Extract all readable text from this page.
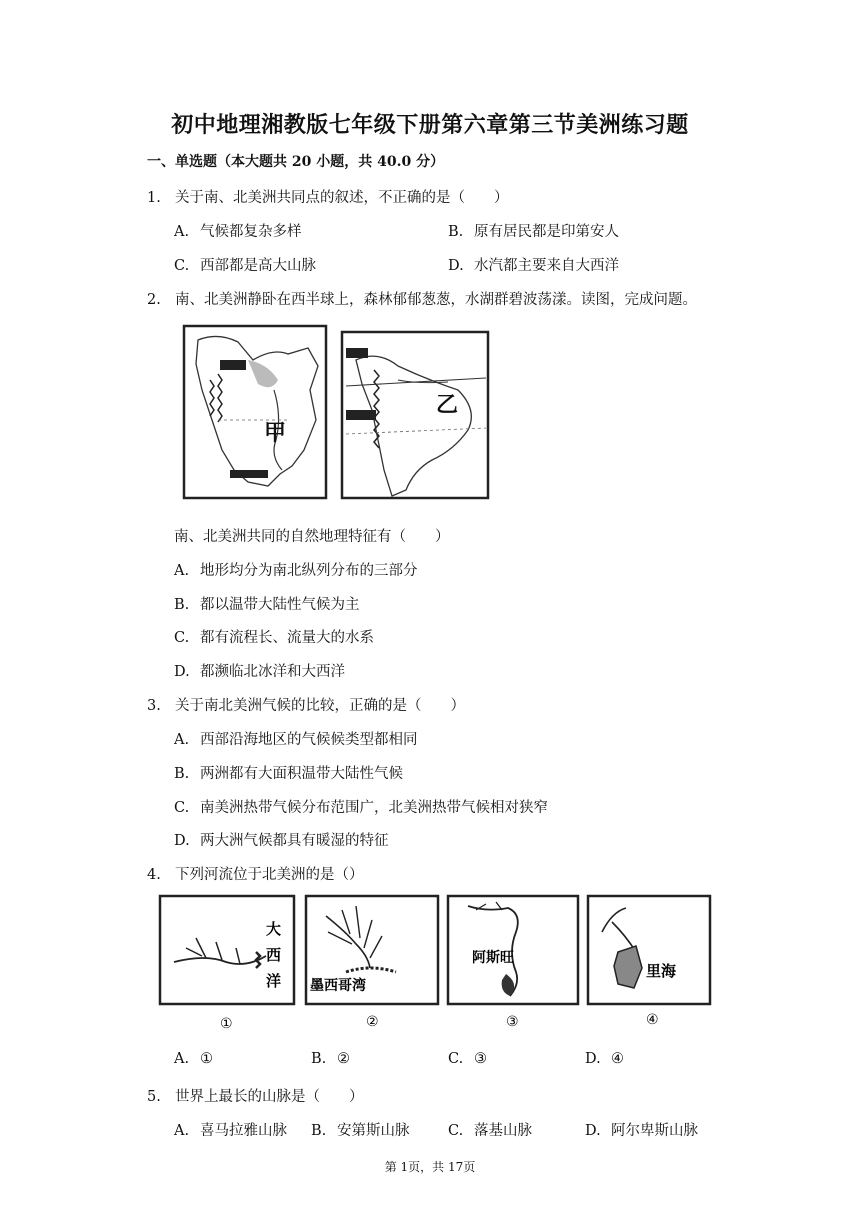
初中地理湘教版七年级下册第六章第三节美洲练习题
一、单选题（本大题共 20 小题，共 40.0 分）
1. 关于南、北美洲共同点的叙述，不正确的是（　　）
A. 气候都复杂多样	B. 原有居民都是印第安人
C. 西部都是高大山脉	D. 水汽都主要来自大西洋
2. 南、北美洲静卧在西半球上，森林郁郁葱葱，水湖群碧波荡漾。读图，完成问题。
甲
乙
南、北美洲共同的自然地理特征有（　　）
A. 地形均分为南北纵列分布的三部分
B. 都以温带大陆性气候为主
C. 都有流程长、流量大的水系
D. 都濒临北冰洋和大西洋
3. 关于南北美洲气候的比较，正确的是（　　）
A. 西部沿海地区的气候候类型都相同
B. 两洲都有大面积温带大陆性气候
C. 南美洲热带气候分布范围广，北美洲热带气候相对狭窄
D. 两大洲气候都具有暖湿的特征
4. 下列河流位于北美洲的是（）
大
西
洋
①
墨西哥湾
②
阿斯旺
③
里海
④
A. ①	B. ②	C. ③	D. ④
5. 世界上最长的山脉是（　　）
A. 喜马拉雅山脉 B. 安第斯山脉	C. 落基山脉	D. 阿尔卑斯山脉
第 1页，共 17页
